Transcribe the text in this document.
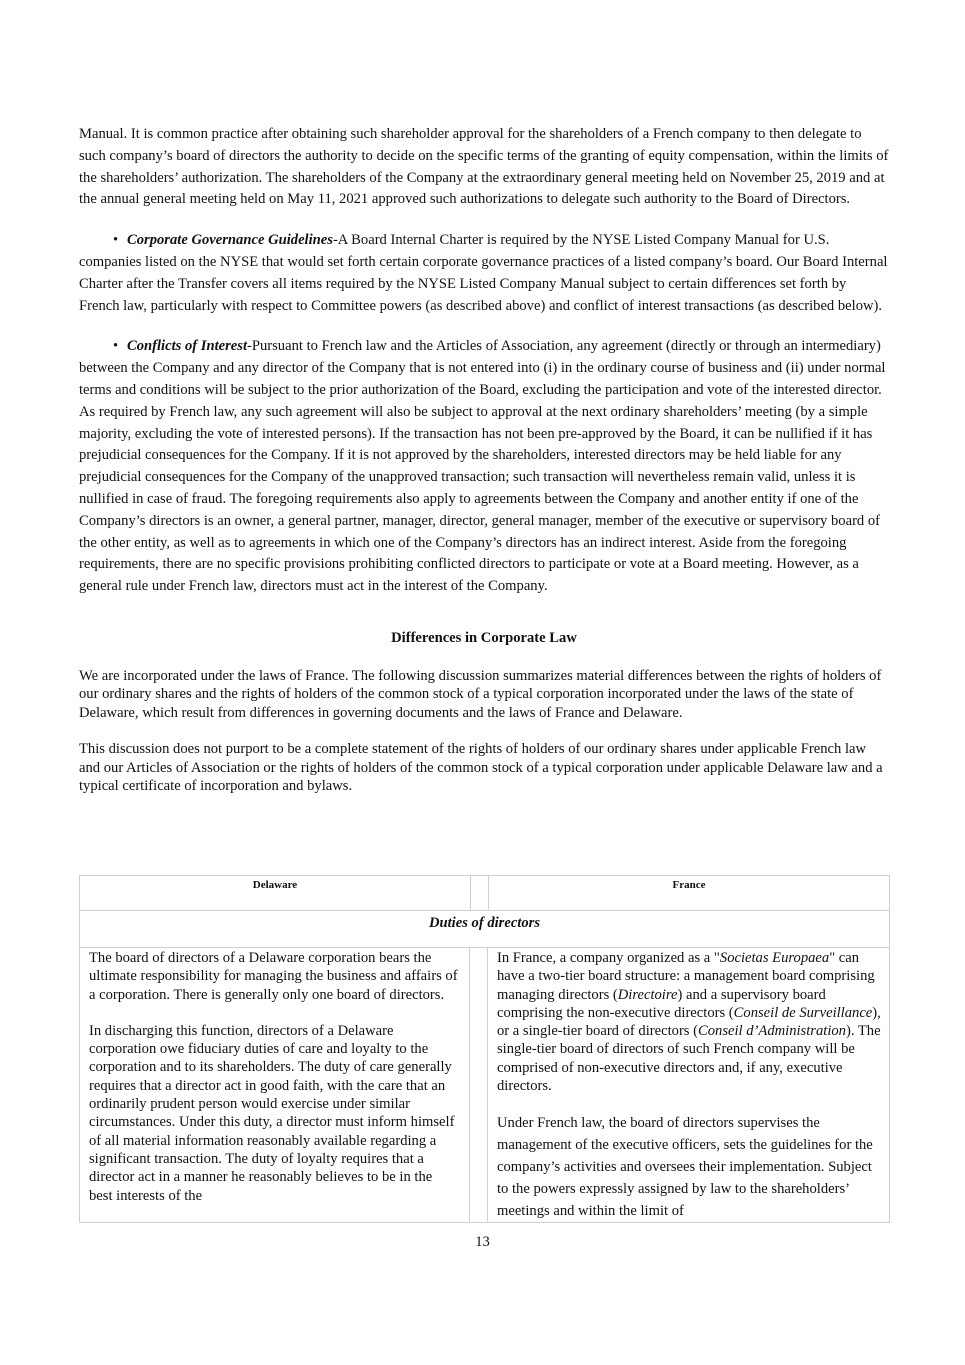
Manual. It is common practice after obtaining such shareholder approval for the shareholders of a French company to then delegate to such company’s board of directors the authority to decide on the specific terms of the granting of equity compensation, within the limits of the shareholders’ authorization. The shareholders of the Company at the extraordinary general meeting held on November 25, 2019 and at the annual general meeting held on May 11, 2021 approved such authorizations to delegate such authority to the Board of Directors.

• Corporate Governance Guidelines-A Board Internal Charter is required by the NYSE Listed Company Manual for U.S. companies listed on the NYSE that would set forth certain corporate governance practices of a listed company’s board. Our Board Internal Charter after the Transfer covers all items required by the NYSE Listed Company Manual subject to certain differences set forth by French law, particularly with respect to Committee powers (as described above) and conflict of interest transactions (as described below).

• Conflicts of Interest-Pursuant to French law and the Articles of Association, any agreement (directly or through an intermediary) between the Company and any director of the Company that is not entered into (i) in the ordinary course of business and (ii) under normal terms and conditions will be subject to the prior authorization of the Board, excluding the participation and vote of the interested director. As required by French law, any such agreement will also be subject to approval at the next ordinary shareholders’ meeting (by a simple majority, excluding the vote of interested persons). If the transaction has not been pre-approved by the Board, it can be nullified if it has prejudicial consequences for the Company. If it is not approved by the shareholders, interested directors may be held liable for any prejudicial consequences for the Company of the unapproved transaction; such transaction will nevertheless remain valid, unless it is nullified in case of fraud. The foregoing requirements also apply to agreements between the Company and another entity if one of the Company’s directors is an owner, a general partner, manager, director, general manager, member of the executive or supervisory board of the other entity, as well as to agreements in which one of the Company’s directors has an indirect interest. Aside from the foregoing requirements, there are no specific provisions prohibiting conflicted directors to participate or vote at a Board meeting. However, as a general rule under French law, directors must act in the interest of the Company.

Differences in Corporate Law

We are incorporated under the laws of France. The following discussion summarizes material differences between the rights of holders of our ordinary shares and the rights of holders of the common stock of a typical corporation incorporated under the laws of the state of Delaware, which result from differences in governing documents and the laws of France and Delaware.

This discussion does not purport to be a complete statement of the rights of holders of our ordinary shares under applicable French law and our Articles of Association or the rights of holders of the common stock of a typical corporation under applicable Delaware law and a typical certificate of incorporation and bylaws.

Delaware	France
Duties of directors

The board of directors of a Delaware corporation bears the ultimate responsibility for managing the business and affairs of a corporation. There is generally only one board of directors.

In discharging this function, directors of a Delaware corporation owe fiduciary duties of care and loyalty to the corporation and to its shareholders. The duty of care generally requires that a director act in good faith, with the care that an ordinarily prudent person would exercise under similar circumstances. Under this duty, a director must inform himself of all material information reasonably available regarding a significant transaction. The duty of loyalty requires that a director act in a manner he reasonably believes to be in the best interests of the

In France, a company organized as a "Societas Europaea" can have a two-tier board structure: a management board comprising managing directors (Directoire) and a supervisory board comprising the non-executive directors (Conseil de Surveillance), or a single-tier board of directors (Conseil d’Administration). The single-tier board of directors of such French company will be comprised of non-executive directors and, if any, executive directors.

Under French law, the board of directors supervises the management of the executive officers, sets the guidelines for the company’s activities and oversees their implementation. Subject to the powers expressly assigned by law to the shareholders’ meetings and within the limit of

13
